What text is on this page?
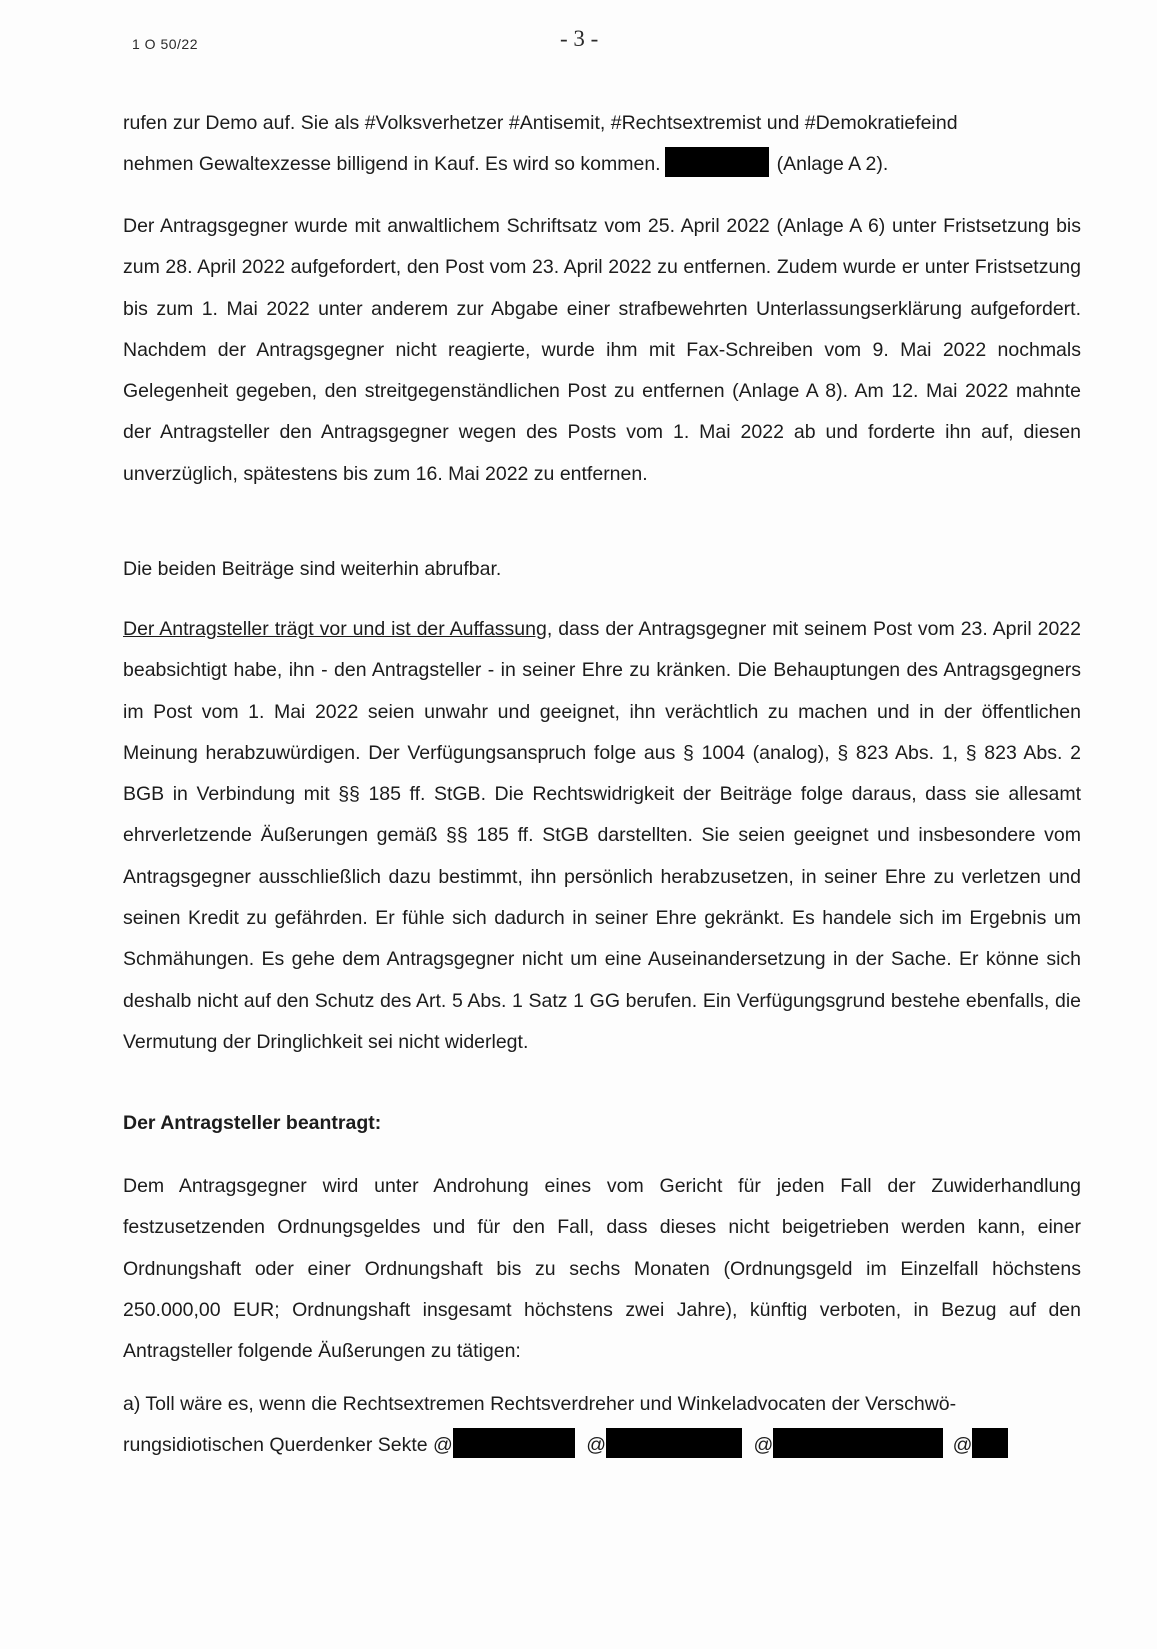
1 O 50/22	- 3 -
rufen zur Demo auf. Sie als #Volksverhetzer #Antisemit, #Rechtsextremist und #Demokratiefeind
nehmen Gewaltexzesse billigend in Kauf. Es wird so kommen.	(Anlage A 2).

Der Antragsgegner wurde mit anwaltlichem Schriftsatz vom 25. April 2022 (Anlage A 6) unter Fristsetzung bis zum 28. April 2022 aufgefordert, den Post vom 23. April 2022 zu entfernen. Zudem wurde er unter Fristsetzung bis zum 1. Mai 2022 unter anderem zur Abgabe einer strafbewehrten Unterlassungserklärung aufgefordert. Nachdem der Antragsgegner nicht reagierte, wurde ihm mit Fax-Schreiben vom 9. Mai 2022 nochmals Gelegenheit gegeben, den streitgegenständlichen Post zu entfernen (Anlage A 8). Am 12. Mai 2022 mahnte der Antragsteller den Antragsgegner wegen des Posts vom 1. Mai 2022 ab und forderte ihn auf, diesen unverzüglich, spätestens bis zum 16. Mai 2022 zu entfernen.

Die beiden Beiträge sind weiterhin abrufbar.

Der Antragsteller trägt vor und ist der Auffassung, dass der Antragsgegner mit seinem Post vom 23. April 2022 beabsichtigt habe, ihn - den Antragsteller - in seiner Ehre zu kränken. Die Behauptungen des Antragsgegners im Post vom 1. Mai 2022 seien unwahr und geeignet, ihn verächtlich zu machen und in der öffentlichen Meinung herabzuwürdigen. Der Verfügungsanspruch folge aus § 1004 (analog), § 823 Abs. 1, § 823 Abs. 2 BGB in Verbindung mit §§ 185 ff. StGB. Die Rechtswidrigkeit der Beiträge folge daraus, dass sie allesamt ehrverletzende Äußerungen gemäß §§ 185 ff. StGB darstellten. Sie seien geeignet und insbesondere vom Antragsgegner ausschließlich dazu bestimmt, ihn persönlich herabzusetzen, in seiner Ehre zu verletzen und seinen Kredit zu gefährden. Er fühle sich dadurch in seiner Ehre gekränkt. Es handele sich im Ergebnis um Schmähungen. Es gehe dem Antragsgegner nicht um eine Auseinandersetzung in der Sache. Er könne sich deshalb nicht auf den Schutz des Art. 5 Abs. 1 Satz 1 GG berufen. Ein Verfügungsgrund bestehe ebenfalls, die Vermutung der Dringlichkeit sei nicht widerlegt.

Der Antragsteller beantragt:

Dem Antragsgegner wird unter Androhung eines vom Gericht für jeden Fall der Zuwiderhandlung festzusetzenden Ordnungsgeldes und für den Fall, dass dieses nicht beigetrieben werden kann, einer Ordnungshaft oder einer Ordnungshaft bis zu sechs Monaten (Ordnungsgeld im Einzelfall höchstens 250.000,00 EUR; Ordnungshaft insgesamt höchstens zwei Jahre), künftig verboten, in Bezug auf den Antragsteller folgende Äußerungen zu tätigen:

a) Toll wäre es, wenn die Rechtsextremen Rechtsverdreher und Winkeladvocaten der Verschwö-
rungsidiotischen Querdenker Sekte @	@	@	@
